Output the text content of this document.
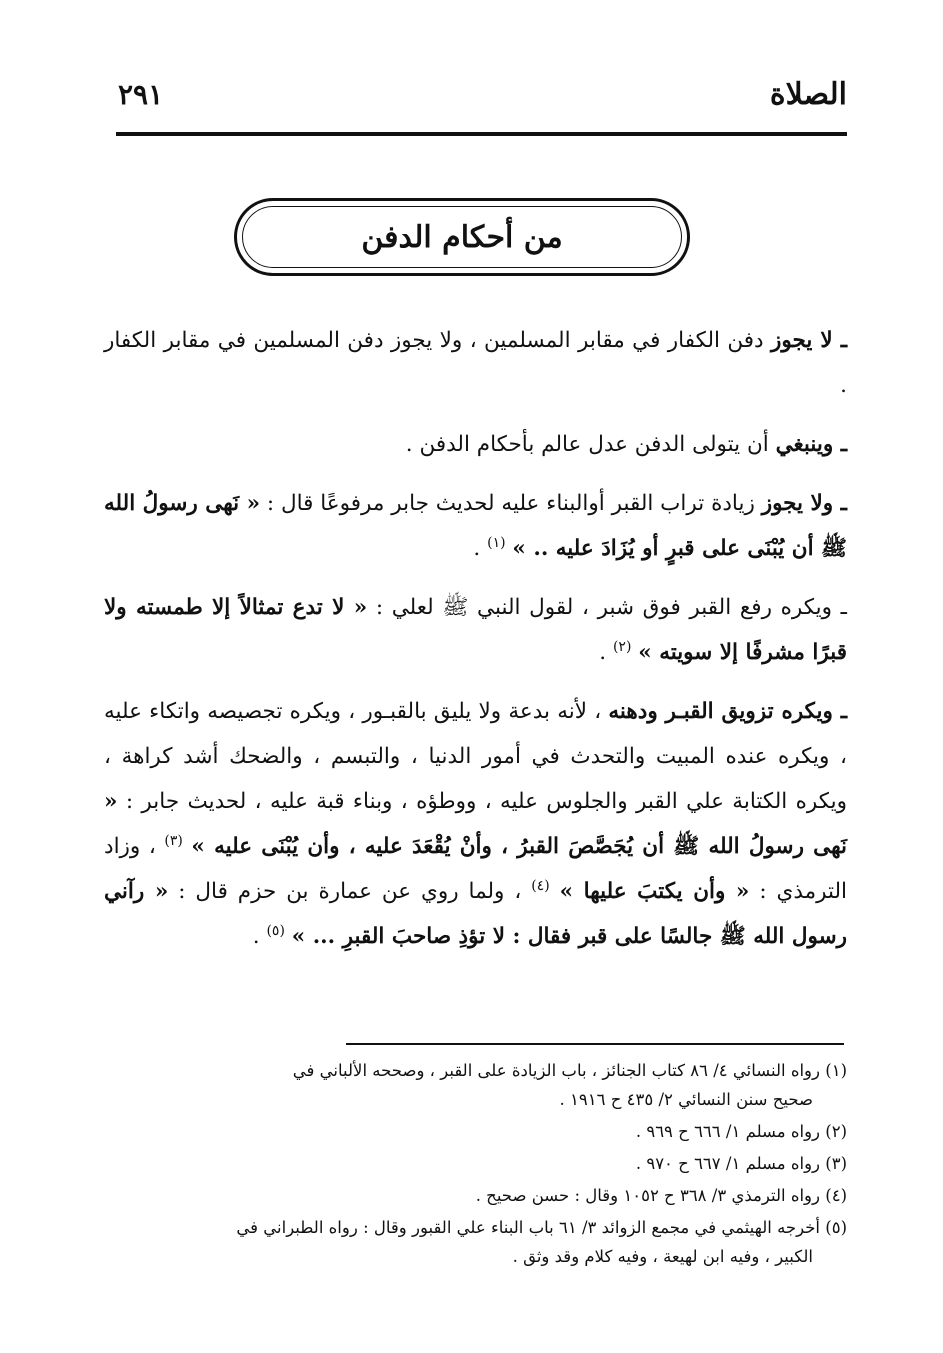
الصلاة
٢٩١
من أحكام الدفن

ـ لا يجوز دفن الكفار في مقابر المسلمين ، ولا يجوز دفن المسلمين في مقابر الكفار .

ـ وينبغي أن يتولى الدفن عدل عالم بأحكام الدفن .

ـ ولا يجوز زيادة تراب القبر أوالبناء عليه لحديث جابر مرفوعًا قال : « نَهى رسولُ الله ﷺ أن يُبْنَى على قبرٍ أو يُزَادَ عليه .. » $^{(١)}$ .

ـ ويكره رفع القبر فوق شبر ، لقول النبي ﷺ لعلي : « لا تدع تمثالاً إلا طمسته ولا قبرًا مشرفًا إلا سويته » $^{(٢)}$ .

ـ ويكره تزويق القبـر ودهنه ، لأنه بدعة ولا يليق بالقبـور ، ويكره تجصيصه واتكاء عليه ، ويكره عنده المبيت والتحدث في أمور الدنيا ، والتبسم ، والضحك أشد كراهة ، ويكره الكتابة علي القبر والجلوس عليه ، ووطؤه ، وبناء قبة عليه ، لحديث جابر : « نَهى رسولُ الله ﷺ أن يُجَصَّصَ القبرُ ، وأنْ يُقْعَدَ عليه ، وأن يُبْنَى عليه » $^{(٣)}$ ، وزاد الترمذي : « وأن يكتبَ عليها » $^{(٤)}$ ، ولما روي عن عمارة بن حزم قال : « رآني رسول الله ﷺ جالسًا على قبر فقال : لا تؤذِ صاحبَ القبرِ ... » $^{(٥)}$ .

(١) رواه النسائي ٤/ ٨٦ كتاب الجنائز ، باب الزيادة على القبر ، وصححه الألباني في
صحيح سنن النسائي ٢/ ٤٣٥ ح ١٩١٦ .
(٢) رواه مسلم ١/ ٦٦٦ ح ٩٦٩ .
(٣) رواه مسلم ١/ ٦٦٧ ح ٩٧٠ .
(٤) رواه الترمذي ٣/ ٣٦٨ ح ١٠٥٢ وقال : حسن صحيح .
(٥) أخرجه الهيثمي في مجمع الزوائد ٣/ ٦١ باب البناء علي القبور وقال : رواه الطبراني في
الكبير ، وفيه ابن لهيعة ، وفيه كلام وقد وثق .
